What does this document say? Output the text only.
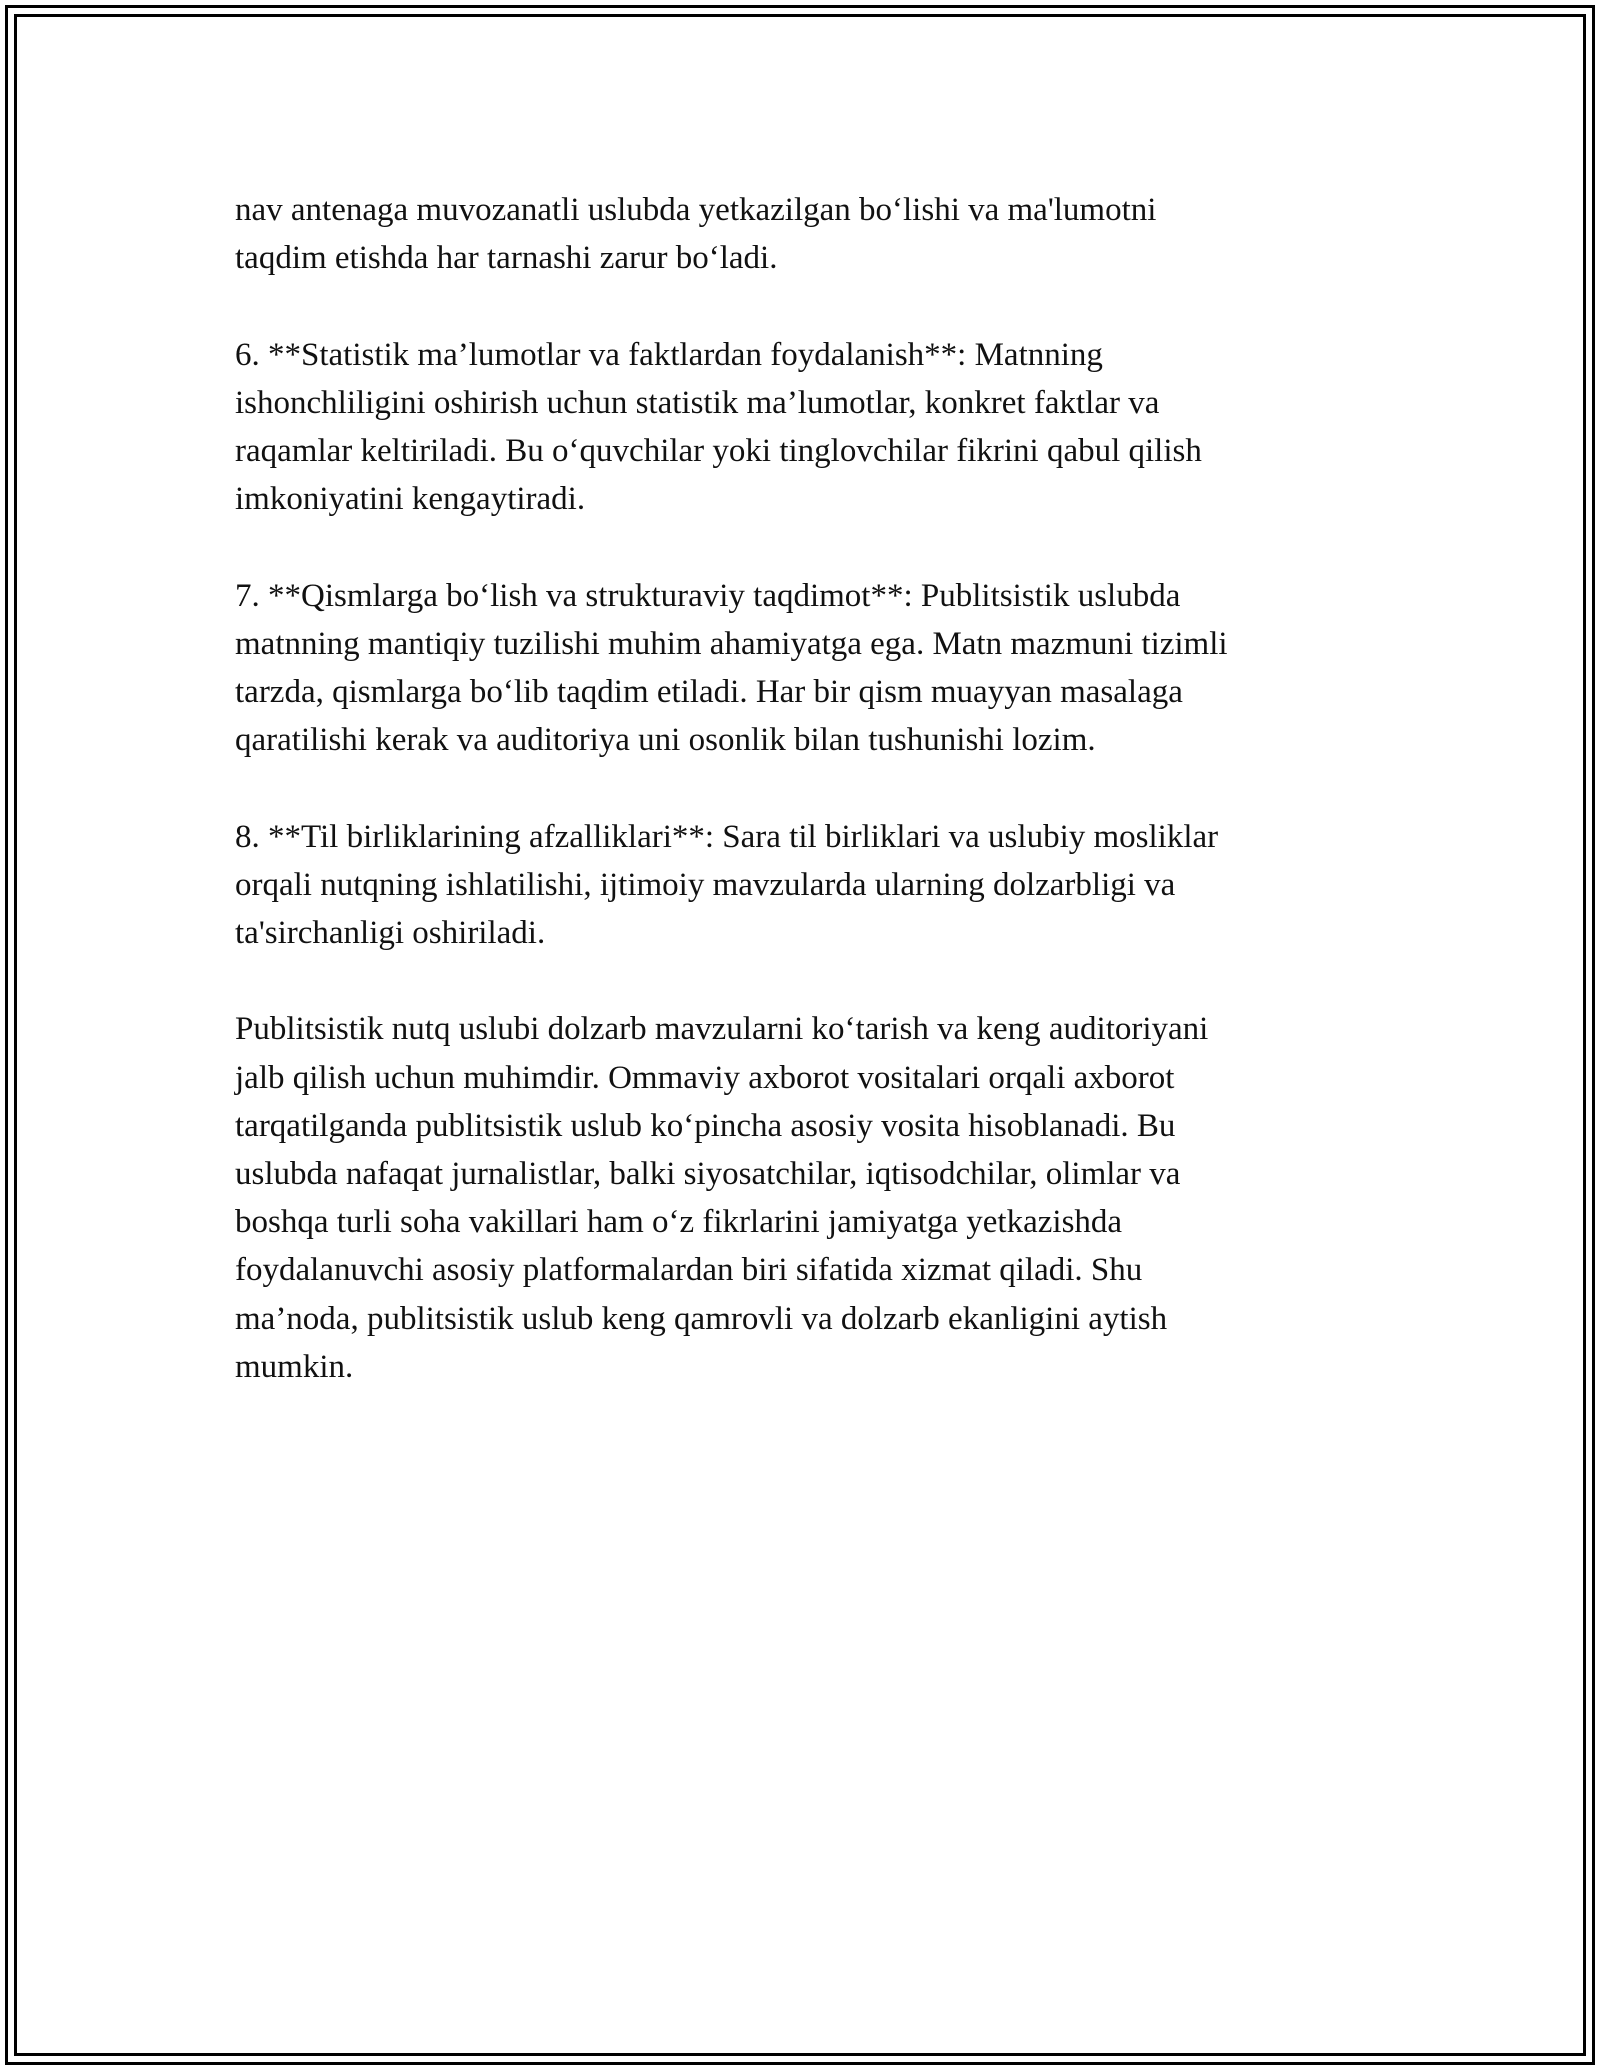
nav antenaga muvozanatli uslubda yetkazilgan bo‘lishi va ma'lumotni
taqdim etishda har tarnashi zarur bo‘ladi.

6. **Statistik ma’lumotlar va faktlardan foydalanish**: Matnning
ishonchliligini oshirish uchun statistik ma’lumotlar, konkret faktlar va
raqamlar keltiriladi. Bu o‘quvchilar yoki tinglovchilar fikrini qabul qilish
imkoniyatini kengaytiradi.

7. **Qismlarga bo‘lish va strukturaviy taqdimot**: Publitsistik uslubda
matnning mantiqiy tuzilishi muhim ahamiyatga ega. Matn mazmuni tizimli
tarzda, qismlarga bo‘lib taqdim etiladi. Har bir qism muayyan masalaga
qaratilishi kerak va auditoriya uni osonlik bilan tushunishi lozim.

8. **Til birliklarining afzalliklari**: Sara til birliklari va uslubiy mosliklar
orqali nutqning ishlatilishi, ijtimoiy mavzularda ularning dolzarbligi va
ta'sirchanligi oshiriladi.

Publitsistik nutq uslubi dolzarb mavzularni ko‘tarish va keng auditoriyani
jalb qilish uchun muhimdir. Ommaviy axborot vositalari orqali axborot
tarqatilganda publitsistik uslub ko‘pincha asosiy vosita hisoblanadi. Bu
uslubda nafaqat jurnalistlar, balki siyosatchilar, iqtisodchilar, olimlar va
boshqa turli soha vakillari ham o‘z fikrlarini jamiyatga yetkazishda
foydalanuvchi asosiy platformalardan biri sifatida xizmat qiladi. Shu
ma’noda, publitsistik uslub keng qamrovli va dolzarb ekanligini aytish
mumkin.
